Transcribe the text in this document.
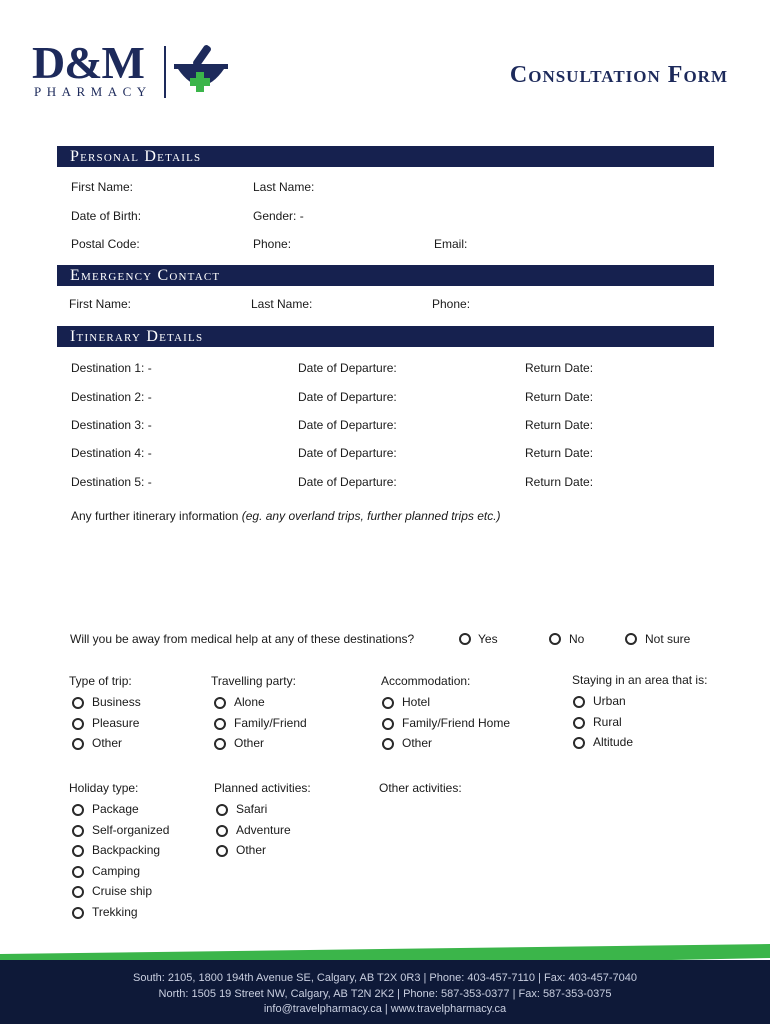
D&M
PHARMACY
Consultation Form
Personal Details
First Name:	Last Name:
Date of Birth:	Gender: -
Postal Code:	Phone:	Email:
Emergency Contact
First Name:	Last Name:	Phone:
Itinerary Details
Destination 1: -	Date of Departure:	Return Date:
Destination 2: -	Date of Departure:	Return Date:
Destination 3: -	Date of Departure:	Return Date:
Destination 4: -	Date of Departure:	Return Date:
Destination 5: -	Date of Departure:	Return Date:
Any further itinerary information (eg. any overland trips, further planned trips etc.)
Will you be away from medical help at any of these destinations?	Yes	No	Not sure
Type of trip:
Business
Pleasure
Other
Travelling party:
Alone
Family/Friend
Other
Accommodation:
Hotel
Family/Friend Home
Other
Staying in an area that is:
Urban
Rural
Altitude
Holiday type:
Package
Self-organized
Backpacking
Camping
Cruise ship
Trekking
Planned activities:
Safari
Adventure
Other
Other activities:
South: 2105, 1800 194th Avenue SE, Calgary, AB T2X 0R3 | Phone: 403-457-7110 | Fax: 403-457-7040
North: 1505 19 Street NW, Calgary, AB T2N 2K2 | Phone: 587-353-0377 | Fax: 587-353-0375
info@travelpharmacy.ca | www.travelpharmacy.ca
